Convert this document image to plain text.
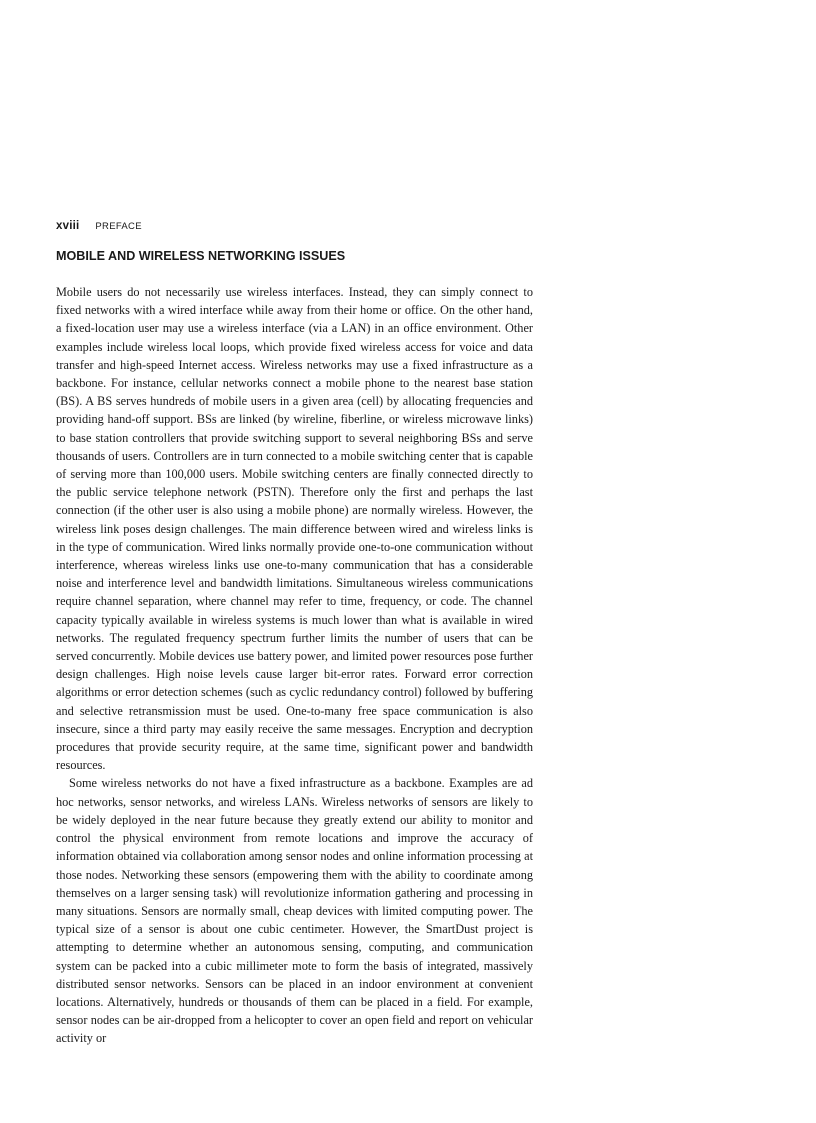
xviii PREFACE
MOBILE AND WIRELESS NETWORKING ISSUES

Mobile users do not necessarily use wireless interfaces. Instead, they can simply connect to fixed networks with a wired interface while away from their home or office. On the other hand, a fixed-location user may use a wireless interface (via a LAN) in an office environment. Other examples include wireless local loops, which provide fixed wireless access for voice and data transfer and high-speed Internet access. Wireless networks may use a fixed infrastructure as a backbone. For instance, cellular networks connect a mobile phone to the nearest base station (BS). A BS serves hundreds of mobile users in a given area (cell) by allocating frequencies and providing hand-off support. BSs are linked (by wireline, fiberline, or wireless microwave links) to base station controllers that provide switching support to several neighboring BSs and serve thousands of users. Controllers are in turn connected to a mobile switching center that is capable of serving more than 100,000 users. Mobile switching centers are finally connected directly to the public service telephone network (PSTN). Therefore only the first and perhaps the last connection (if the other user is also using a mobile phone) are normally wireless. However, the wireless link poses design challenges. The main difference between wired and wireless links is in the type of communication. Wired links normally provide one-to-one communication without interference, whereas wireless links use one-to-many communication that has a considerable noise and interference level and bandwidth limitations. Simultaneous wireless communications require channel separation, where channel may refer to time, frequency, or code. The channel capacity typically available in wireless systems is much lower than what is available in wired networks. The regulated frequency spectrum further limits the number of users that can be served concurrently. Mobile devices use battery power, and limited power resources pose further design challenges. High noise levels cause larger bit-error rates. Forward error correction algorithms or error detection schemes (such as cyclic redundancy control) followed by buffering and selective retransmission must be used. One-to-many free space communication is also insecure, since a third party may easily receive the same messages. Encryption and decryption procedures that provide security require, at the same time, significant power and bandwidth resources.

Some wireless networks do not have a fixed infrastructure as a backbone. Examples are ad hoc networks, sensor networks, and wireless LANs. Wireless networks of sensors are likely to be widely deployed in the near future because they greatly extend our ability to monitor and control the physical environment from remote locations and improve the accuracy of information obtained via collaboration among sensor nodes and online information processing at those nodes. Networking these sensors (empowering them with the ability to coordinate among themselves on a larger sensing task) will revolutionize information gathering and processing in many situations. Sensors are normally small, cheap devices with limited computing power. The typical size of a sensor is about one cubic centimeter. However, the SmartDust project is attempting to determine whether an autonomous sensing, computing, and communication system can be packed into a cubic millimeter mote to form the basis of integrated, massively distributed sensor networks. Sensors can be placed in an indoor environment at convenient locations. Alternatively, hundreds or thousands of them can be placed in a field. For example, sensor nodes can be air-dropped from a helicopter to cover an open field and report on vehicular activity or
